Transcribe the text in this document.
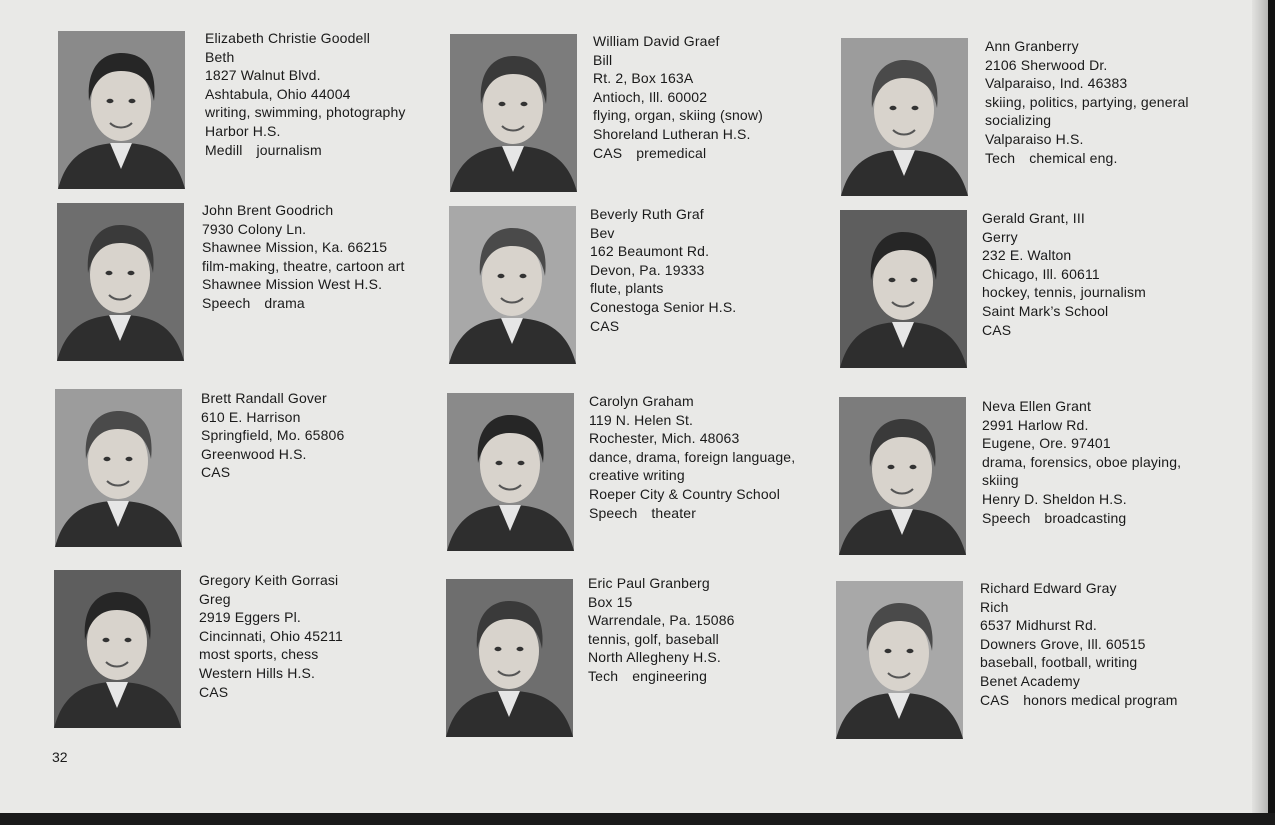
Elizabeth Christie Goodell
Beth
1827 Walnut Blvd.
Ashtabula, Ohio 44004
writing, swimming, photography
Harbor H.S.
Medill journalism
John Brent Goodrich
7930 Colony Ln.
Shawnee Mission, Ka. 66215
film-making, theatre, cartoon art
Shawnee Mission West H.S.
Speech drama
Brett Randall Gover
610 E. Harrison
Springfield, Mo. 65806
Greenwood H.S.
CAS
Gregory Keith Gorrasi
Greg
2919 Eggers Pl.
Cincinnati, Ohio 45211
most sports, chess
Western Hills H.S.
CAS
William David Graef
Bill
Rt. 2, Box 163A
Antioch, Ill. 60002
flying, organ, skiing (snow)
Shoreland Lutheran H.S.
CAS premedical
Beverly Ruth Graf
Bev
162 Beaumont Rd.
Devon, Pa. 19333
flute, plants
Conestoga Senior H.S.
CAS
Carolyn Graham
119 N. Helen St.
Rochester, Mich. 48063
dance, drama, foreign language,
creative writing
Roeper City & Country School
Speech theater
Eric Paul Granberg
Box 15
Warrendale, Pa. 15086
tennis, golf, baseball
North Allegheny H.S.
Tech engineering
Ann Granberry
2106 Sherwood Dr.
Valparaiso, Ind. 46383
skiing, politics, partying, general
socializing
Valparaiso H.S.
Tech chemical eng.
Gerald Grant, III
Gerry
232 E. Walton
Chicago, Ill. 60611
hockey, tennis, journalism
Saint Mark’s School
CAS
Neva Ellen Grant
2991 Harlow Rd.
Eugene, Ore. 97401
drama, forensics, oboe playing,
skiing
Henry D. Sheldon H.S.
Speech broadcasting
Richard Edward Gray
Rich
6537 Midhurst Rd.
Downers Grove, Ill. 60515
baseball, football, writing
Benet Academy
CAS honors medical program
32
